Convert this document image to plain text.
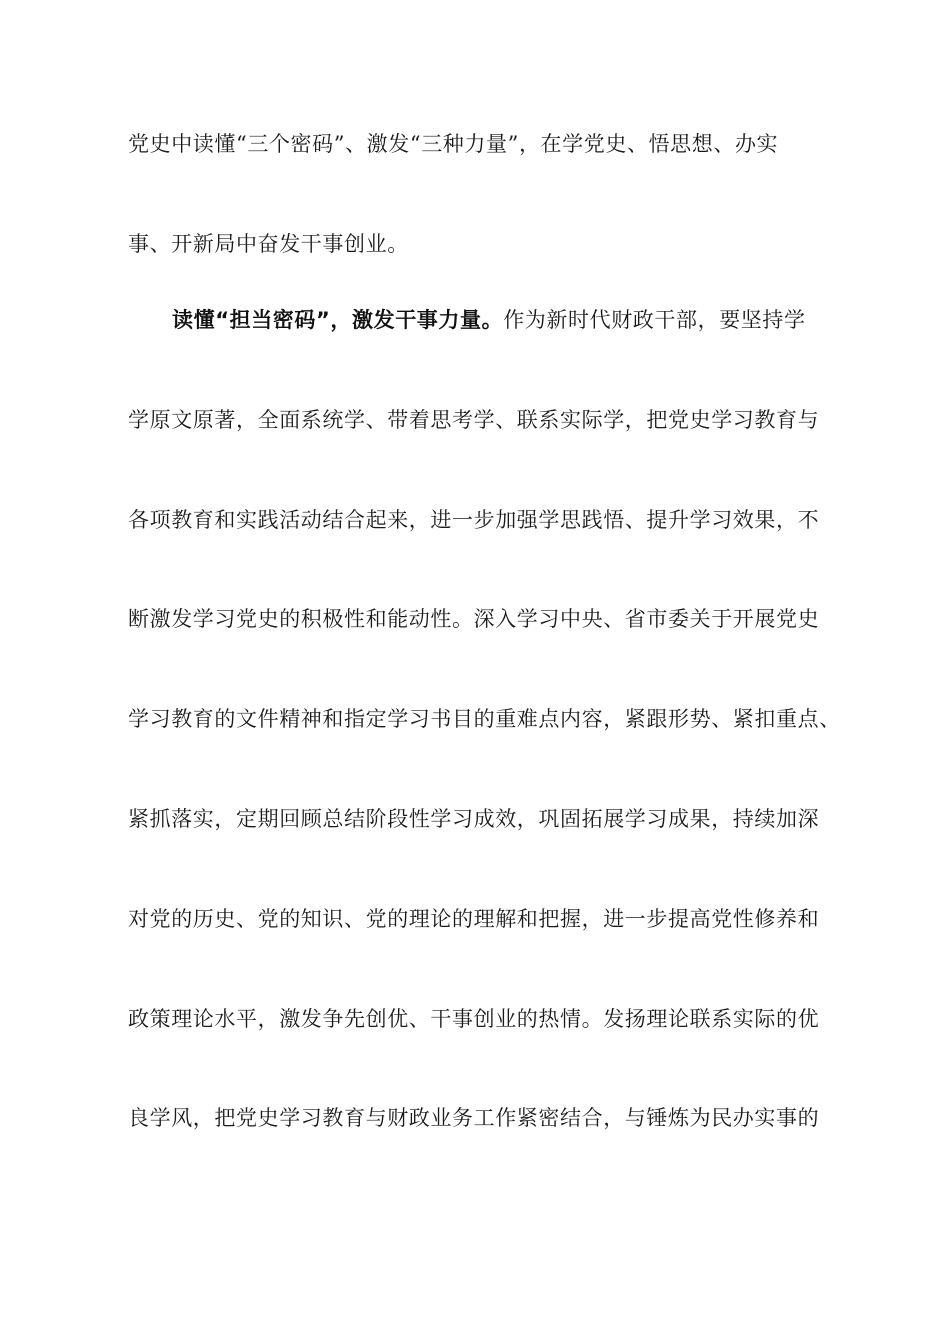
党史中读懂“三个密码”、激发“三种力量”，在学党史、悟思想、办实
事、开新局中奋发干事创业。
读懂“担当密码”，激发干事力量。作为新时代财政干部，要坚持学
学原文原著，全面系统学、带着思考学、联系实际学，把党史学习教育与
各项教育和实践活动结合起来，进一步加强学思践悟、提升学习效果，不
断激发学习党史的积极性和能动性。深入学习中央、省市委关于开展党史
学习教育的文件精神和指定学习书目的重难点内容，紧跟形势、紧扣重点、
紧抓落实，定期回顾总结阶段性学习成效，巩固拓展学习成果，持续加深
对党的历史、党的知识、党的理论的理解和把握，进一步提高党性修养和
政策理论水平，激发争先创优、干事创业的热情。发扬理论联系实际的优
良学风，把党史学习教育与财政业务工作紧密结合，与锤炼为民办实事的
